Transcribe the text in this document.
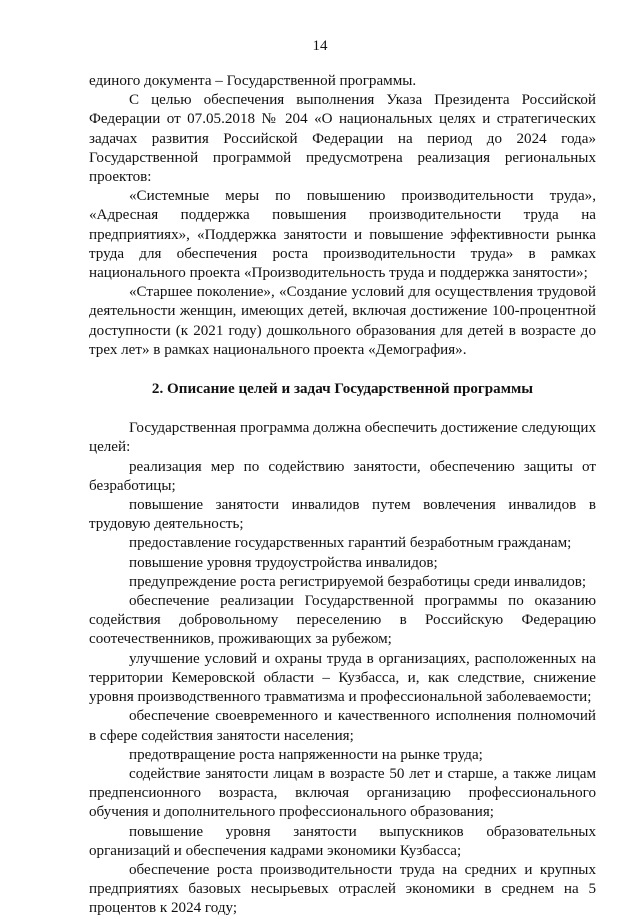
14

единого документа – Государственной программы.

С целью обеспечения выполнения Указа Президента Российской Федерации от 07.05.2018 № 204 «О национальных целях и стратегических задачах развития Российской Федерации на период до 2024 года» Государственной программой предусмотрена реализация региональных проектов:

«Системные меры по повышению производительности труда», «Адресная поддержка повышения производительности труда на предприятиях», «Поддержка занятости и повышение эффективности рынка труда для обеспечения роста производительности труда» в рамках национального проекта «Производительность труда и поддержка занятости»;

«Старшее поколение», «Создание условий для осуществления трудовой деятельности женщин, имеющих детей, включая достижение 100-процентной доступности (к 2021 году) дошкольного образования для детей в возрасте до трех лет» в рамках национального проекта «Демография».

2. Описание целей и задач Государственной программы

Государственная программа должна обеспечить достижение следующих целей:

реализация мер по содействию занятости, обеспечению защиты от безработицы;

повышение занятости инвалидов путем вовлечения инвалидов в трудовую деятельность;

предоставление государственных гарантий безработным гражданам;

повышение уровня трудоустройства инвалидов;

предупреждение роста регистрируемой безработицы среди инвалидов;

обеспечение реализации Государственной программы по оказанию содействия добровольному переселению в Российскую Федерацию соотечественников, проживающих за рубежом;

улучшение условий и охраны труда в организациях, расположенных на территории Кемеровской области – Кузбасса, и, как следствие, снижение уровня производственного травматизма и профессиональной заболеваемости;

обеспечение своевременного и качественного исполнения полномочий в сфере содействия занятости населения;

предотвращение роста напряженности на рынке труда;

содействие занятости лицам в возрасте 50 лет и старше, а также лицам предпенсионного возраста, включая организацию профессионального обучения и дополнительного профессионального образования;

повышение уровня занятости выпускников образовательных организаций и обеспечения кадрами экономики Кузбасса;

обеспечение роста производительности труда на средних и крупных предприятиях базовых несырьевых отраслей экономики в среднем на 5 процентов к 2024 году;
